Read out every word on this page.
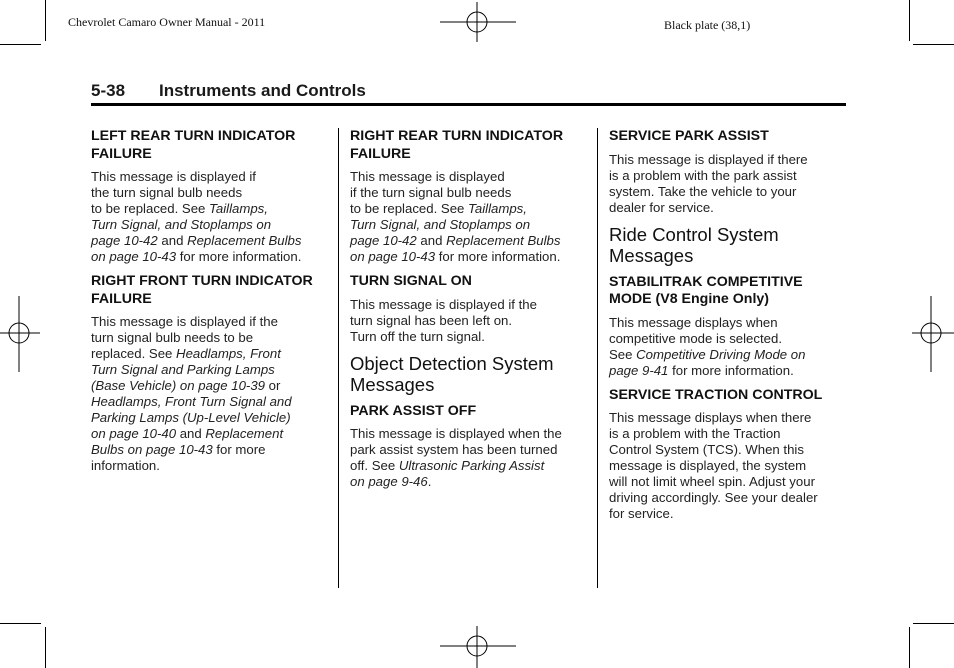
Chevrolet Camaro Owner Manual - 2011	Black plate (38,1)
5-38 Instruments and Controls
LEFT REAR TURN INDICATOR FAILURE
This message is displayed if
the turn signal bulb needs
to be replaced. See Taillamps,
Turn Signal, and Stoplamps on
page 10-42 and Replacement Bulbs
on page 10-43 for more information.
RIGHT FRONT TURN INDICATOR FAILURE
This message is displayed if the
turn signal bulb needs to be
replaced. See Headlamps, Front
Turn Signal and Parking Lamps
(Base Vehicle) on page 10-39 or
Headlamps, Front Turn Signal and
Parking Lamps (Up-Level Vehicle)
on page 10-40 and Replacement
Bulbs on page 10-43 for more
information.
RIGHT REAR TURN INDICATOR FAILURE
This message is displayed
if the turn signal bulb needs
to be replaced. See Taillamps,
Turn Signal, and Stoplamps on
page 10-42 and Replacement Bulbs
on page 10-43 for more information.
TURN SIGNAL ON
This message is displayed if the
turn signal has been left on.
Turn off the turn signal.
Object Detection System Messages
PARK ASSIST OFF
This message is displayed when the
park assist system has been turned
off. See Ultrasonic Parking Assist
on page 9-46.
SERVICE PARK ASSIST
This message is displayed if there
is a problem with the park assist
system. Take the vehicle to your
dealer for service.
Ride Control System Messages
STABILITRAK COMPETITIVE MODE (V8 Engine Only)
This message displays when
competitive mode is selected.
See Competitive Driving Mode on
page 9-41 for more information.
SERVICE TRACTION CONTROL
This message displays when there
is a problem with the Traction
Control System (TCS). When this
message is displayed, the system
will not limit wheel spin. Adjust your
driving accordingly. See your dealer
for service.
